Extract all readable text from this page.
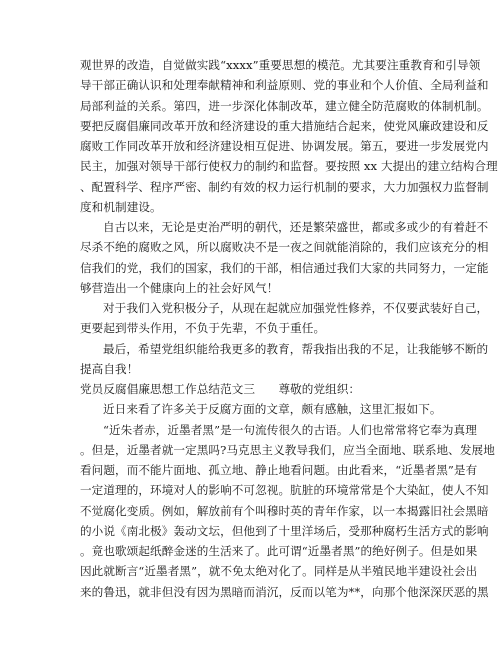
观世界的改造，自觉做实践“xxxx”重要思想的模范。尤其要注重教育和引导领
导干部正确认识和处理奉献精神和利益原则、党的事业和个人价值、全局利益和
局部利益的关系。第四，进一步深化体制改革，建立健全防范腐败的体制机制。
要把反腐倡廉同改革开放和经济建设的重大措施结合起来，使党风廉政建设和反
腐败工作同改革开放和经济建设相互促进、协调发展。第五，要进一步发展党内
民主，加强对领导干部行使权力的制约和监督。要按照 xx 大提出的建立结构合理
、配置科学、程序严密、制约有效的权力运行机制的要求，大力加强权力监督制
度和机制建设。
自古以来，无论是吏治严明的朝代，还是繁荣盛世，都或多或少的有着赶不
尽杀不绝的腐败之风，所以腐败决不是一夜之间就能消除的，我们应该充分的相
信我们的党，我们的国家，我们的干部，相信通过我们大家的共同努力，一定能
够营造出一个健康向上的社会好风气！
对于我们入党积极分子，从现在起就应加强党性修养，不仅要武装好自己，
更要起到带头作用，不负于先辈，不负于重任。
最后，希望党组织能给我更多的教育，帮我指出我的不足，让我能够不断的
提高自我！
党员反腐倡廉思想工作总结范文三　　尊敬的党组织：
近日来看了许多关于反腐方面的文章，颇有感触，这里汇报如下。
“近朱者赤，近墨者黑”是一句流传很久的古语。人们也常常将它奉为真理
。但是，近墨者就一定黑吗?马克思主义教导我们，应当全面地、联系地、发展地
看问题，而不能片面地、孤立地、静止地看问题。由此看来，“近墨者黑”是有
一定道理的，环境对人的影响不可忽视。肮脏的环境常常是个大染缸，使人不知
不觉腐化变质。例如，解放前有个叫穆时英的青年作家，以一本揭露旧社会黑暗
的小说《南北极》轰动文坛，但他到了十里洋场后，受那种腐朽生活方式的影响
。竟也歌颂起纸醉金迷的生活来了。此可谓“近墨者黑”的绝好例子。但是如果
因此就断言“近墨者黑”，就不免太绝对化了。同样是从半殖民地半建设社会出
来的鲁迅，就非但没有因为黑暗而消沉，反而以笔为**，向那个他深深厌恶的黑
